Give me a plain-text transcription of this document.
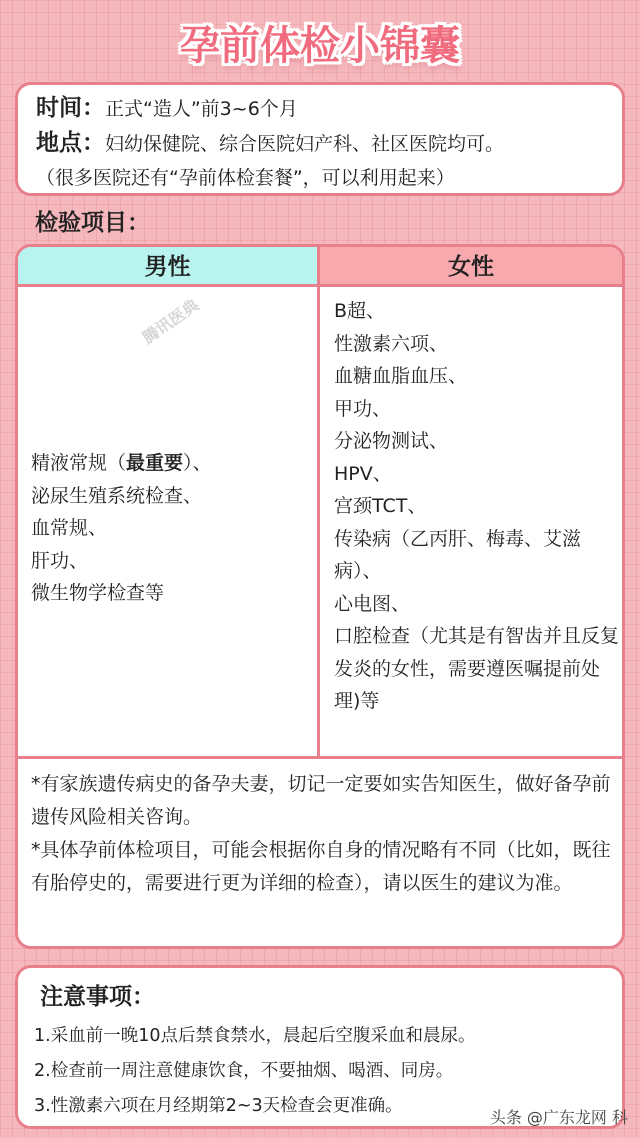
孕前体检小锦囊
时间：正式“造人”前3~6个月
地点：妇幼保健院、综合医院妇产科、社区医院均可。
（很多医院还有“孕前体检套餐”，可以利用起来）
检验项目：
男性	女性
精液常规（最重要）、
泌尿生殖系统检查、
血常规、
肝功、
微生物学检查等
腾讯医典	B超、
性激素六项、
血糖血脂血压、
甲功、
分泌物测试、
HPV、
宫颈TCT、
传染病（乙丙肝、梅毒、艾滋病）、
心电图、
口腔检查（尤其是有智齿并且反复发炎的女性，需要遵医嘱提前处理)等
*有家族遗传病史的备孕夫妻，切记一定要如实告知医生，做好备孕前遗传风险相关咨询。
*具体孕前体检项目，可能会根据你自身的情况略有不同（比如，既往有胎停史的，需要进行更为详细的检查），请以医生的建议为准。
注意事项：
1.采血前一晚10点后禁食禁水，晨起后空腹采血和晨尿。
2.检查前一周注意健康饮食，不要抽烟、喝酒、同房。
3.性激素六项在月经期第2~3天检查会更准确。
头条 @广东龙网 科
